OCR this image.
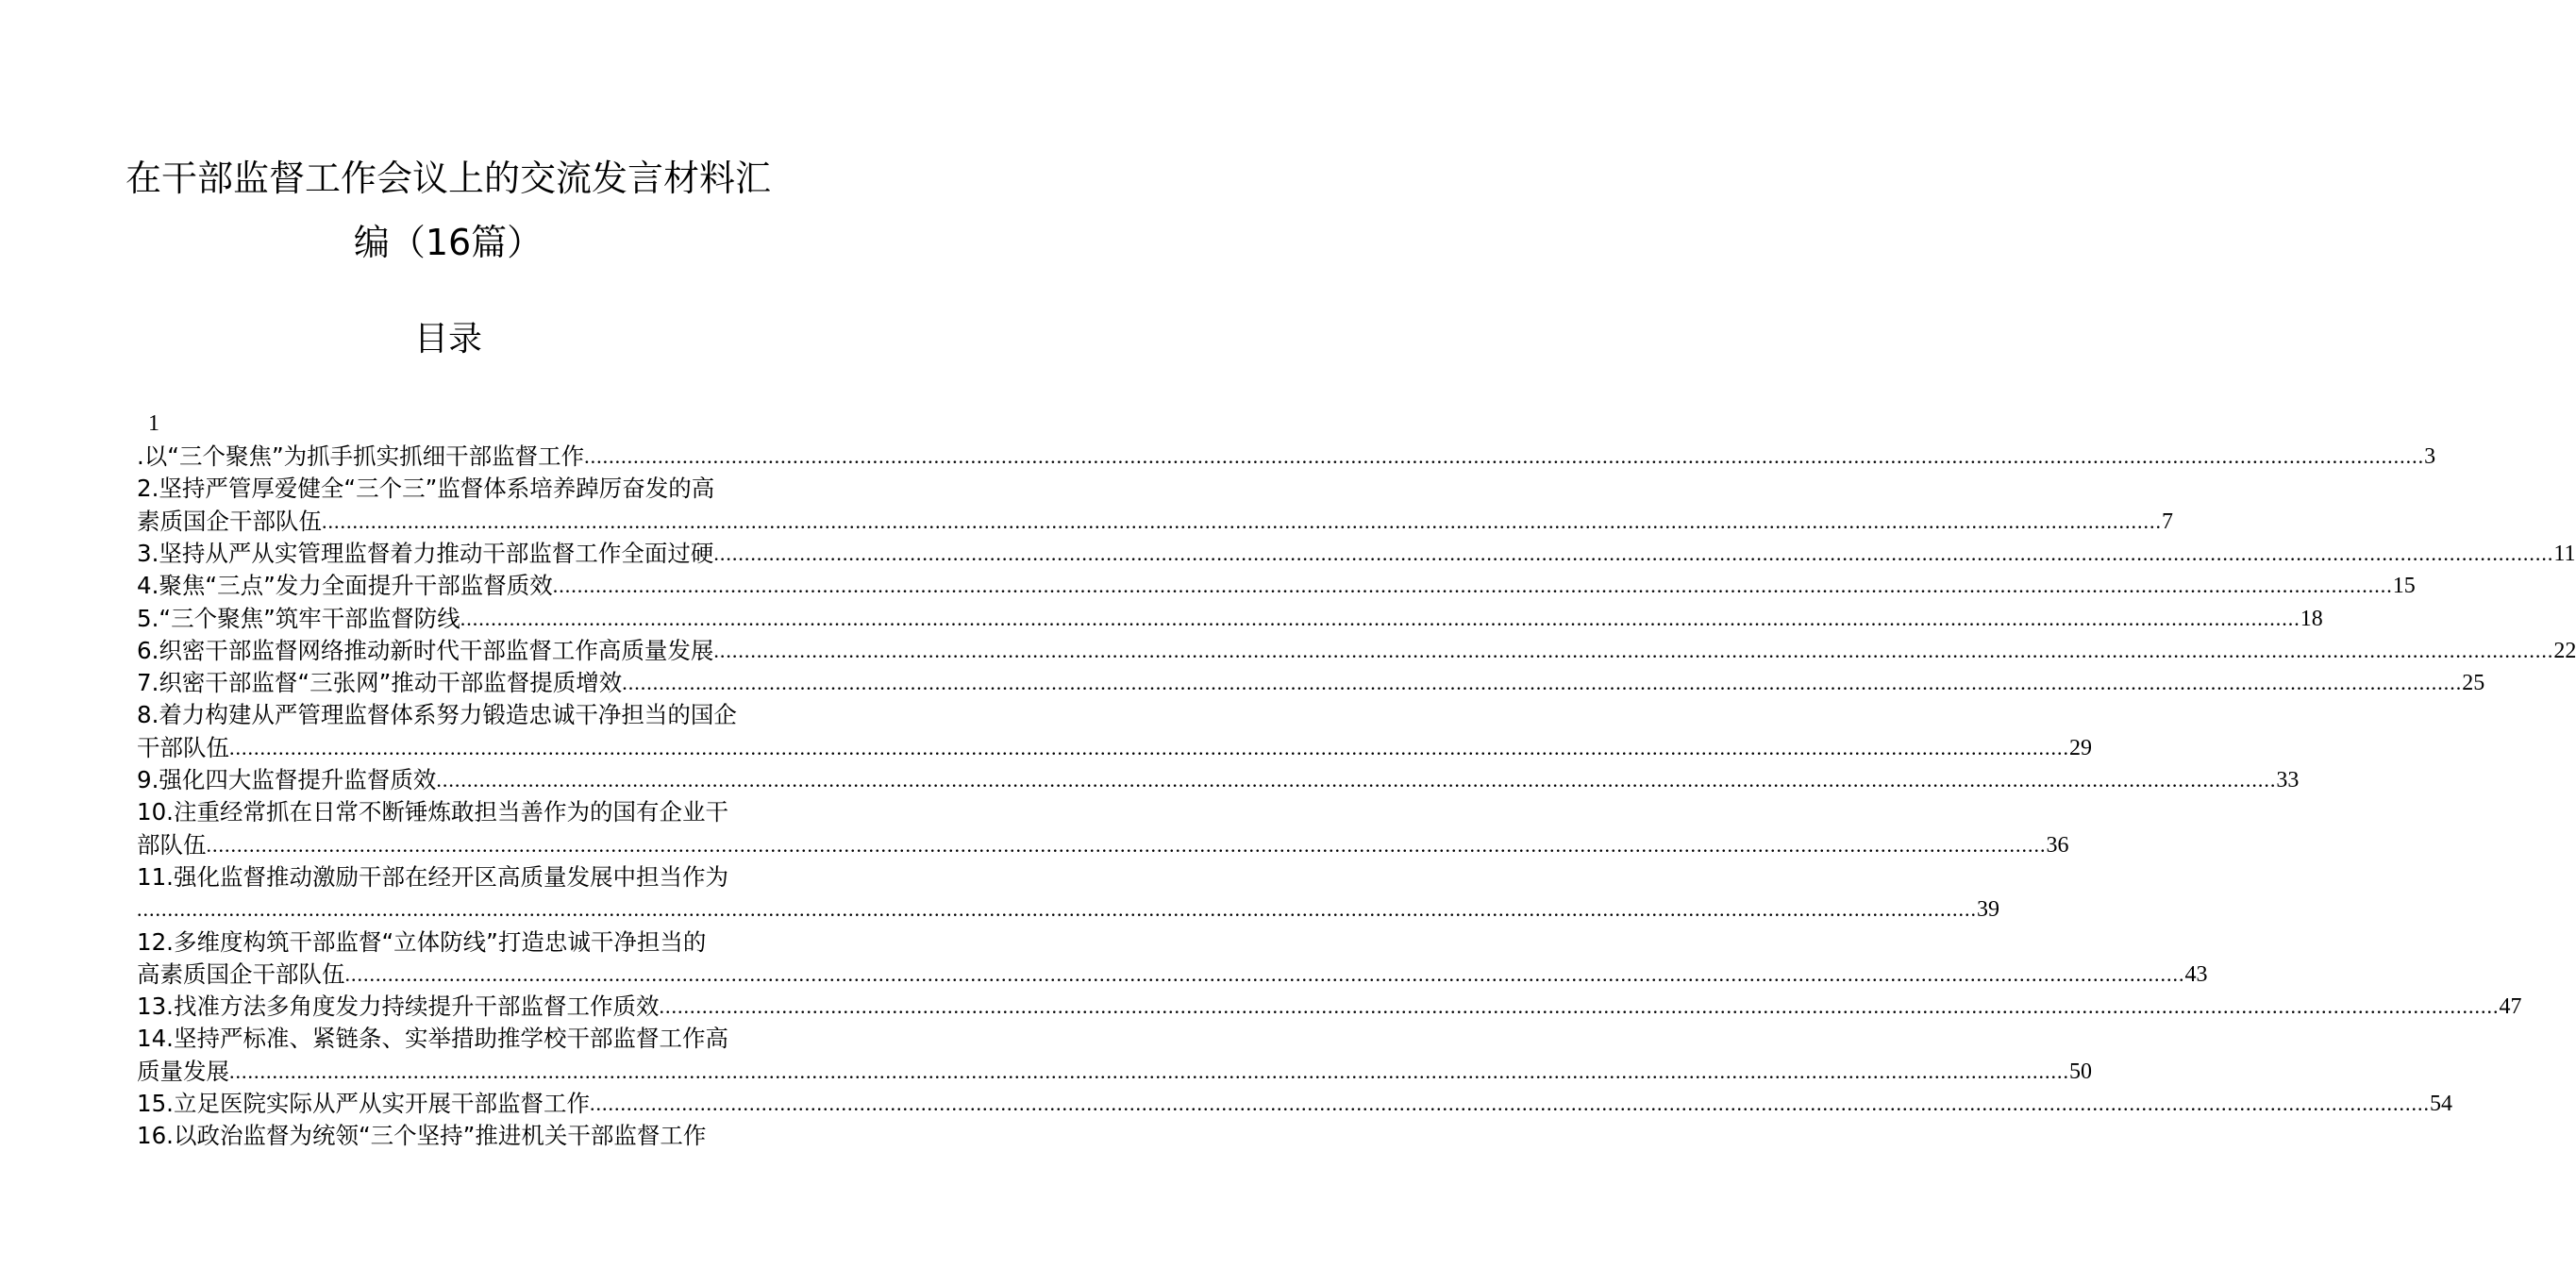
在干部监督工作会议上的交流发言材料汇
编（16篇）
目录
1
.以“三个聚焦”为抓手抓实抓细干部监督工作 ............................................................................................................................................................................................................................................................................................................ 3
2.坚持严管厚爱健全“三个三”监督体系培养踔厉奋发的高
素质国企干部队伍 ............................................................................................................................................................................................................................................................................................................ 7
3.坚持从严从实管理监督着力推动干部监督工作全面过硬 ............................................................................................................................................................................................................................................................................................................ 11
4.聚焦“三点”发力全面提升干部监督质效 ............................................................................................................................................................................................................................................................................................................ 15
5.“三个聚焦”筑牢干部监督防线 ............................................................................................................................................................................................................................................................................................................ 18
6.织密干部监督网络推动新时代干部监督工作高质量发展 ............................................................................................................................................................................................................................................................................................................ 22
7.织密干部监督“三张网”推动干部监督提质增效 ............................................................................................................................................................................................................................................................................................................ 25
8.着力构建从严管理监督体系努力锻造忠诚干净担当的国企
干部队伍 ............................................................................................................................................................................................................................................................................................................ 29
9.强化四大监督提升监督质效 ............................................................................................................................................................................................................................................................................................................ 33
10.注重经常抓在日常不断锤炼敢担当善作为的国有企业干
部队伍 ............................................................................................................................................................................................................................................................................................................ 36
11.强化监督推动激励干部在经开区高质量发展中担当作为
............................................................................................................................................................................................................................................................................................................ 39
12.多维度构筑干部监督“立体防线”打造忠诚干净担当的
高素质国企干部队伍 ............................................................................................................................................................................................................................................................................................................ 43
13.找准方法多角度发力持续提升干部监督工作质效 ............................................................................................................................................................................................................................................................................................................ 47
14.坚持严标准、紧链条、实举措助推学校干部监督工作高
质量发展 ............................................................................................................................................................................................................................................................................................................ 50
15.立足医院实际从严从实开展干部监督工作 ............................................................................................................................................................................................................................................................................................................ 54
16.以政治监督为统领“三个坚持”推进机关干部监督工作
